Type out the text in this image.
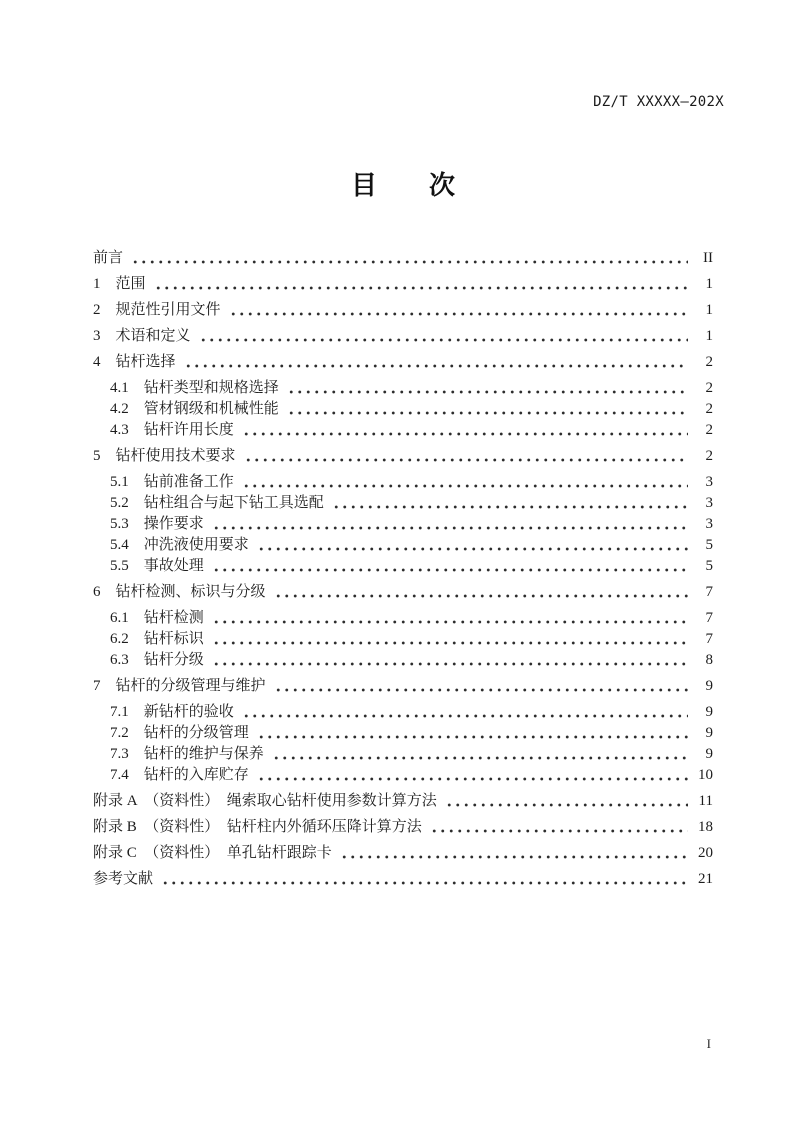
DZ/T XXXXX—202X
目　　次
前言	II
1　范围	1
2　规范性引用文件	1
3　术语和定义	1
4　钻杆选择	2
4.1　钻杆类型和规格选择	2
4.2　管材钢级和机械性能	2
4.3　钻杆许用长度	2
5　钻杆使用技术要求	2
5.1　钻前准备工作	3
5.2　钻柱组合与起下钻工具选配	3
5.3　操作要求	3
5.4　冲洗液使用要求	5
5.5　事故处理	5
6　钻杆检测、标识与分级	7
6.1　钻杆检测	7
6.2　钻杆标识	7
6.3　钻杆分级	8
7　钻杆的分级管理与维护	9
7.1　新钻杆的验收	9
7.2　钻杆的分级管理	9
7.3　钻杆的维护与保养	9
7.4　钻杆的入库贮存	10
附录 A　（资料性）　绳索取心钻杆使用参数计算方法	11
附录 B　（资料性）　钻杆柱内外循环压降计算方法	18
附录 C　（资料性）　单孔钻杆跟踪卡	20
参考文献	21
I
